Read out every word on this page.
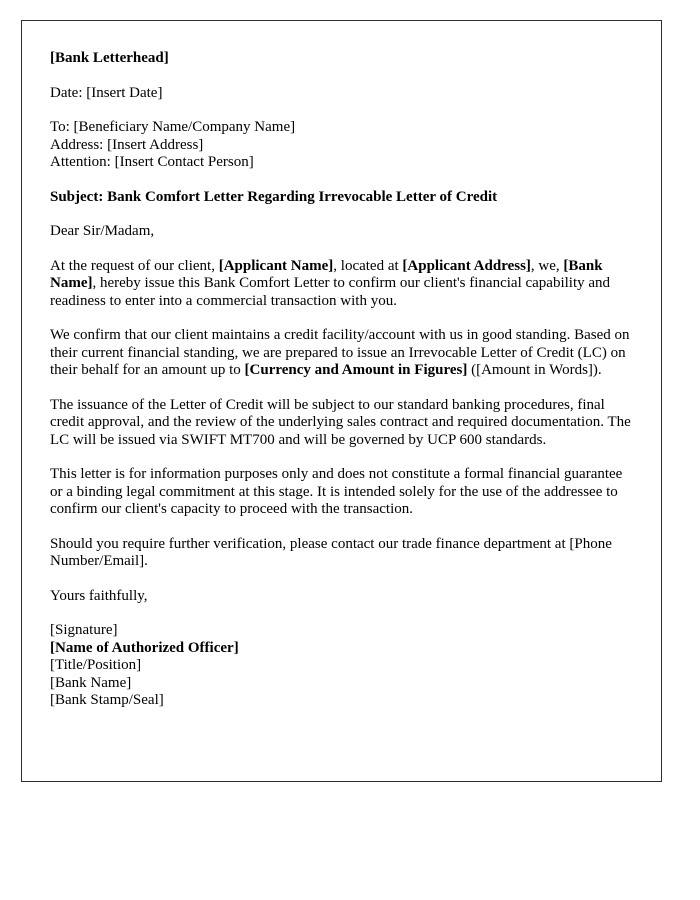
[Bank Letterhead]

Date: [Insert Date]

To: [Beneficiary Name/Company Name]
Address: [Insert Address]
Attention: [Insert Contact Person]

Subject: Bank Comfort Letter Regarding Irrevocable Letter of Credit

Dear Sir/Madam,

At the request of our client, [Applicant Name], located at [Applicant Address], we, [Bank Name], hereby issue this Bank Comfort Letter to confirm our client's financial capability and readiness to enter into a commercial transaction with you.

We confirm that our client maintains a credit facility/account with us in good standing. Based on their current financial standing, we are prepared to issue an Irrevocable Letter of Credit (LC) on their behalf for an amount up to [Currency and Amount in Figures] ([Amount in Words]).

The issuance of the Letter of Credit will be subject to our standard banking procedures, final credit approval, and the review of the underlying sales contract and required documentation. The LC will be issued via SWIFT MT700 and will be governed by UCP 600 standards.

This letter is for information purposes only and does not constitute a formal financial guarantee or a binding legal commitment at this stage. It is intended solely for the use of the addressee to confirm our client's capacity to proceed with the transaction.

Should you require further verification, please contact our trade finance department at [Phone Number/Email].

Yours faithfully,

[Signature]
[Name of Authorized Officer]
[Title/Position]
[Bank Name]
[Bank Stamp/Seal]
